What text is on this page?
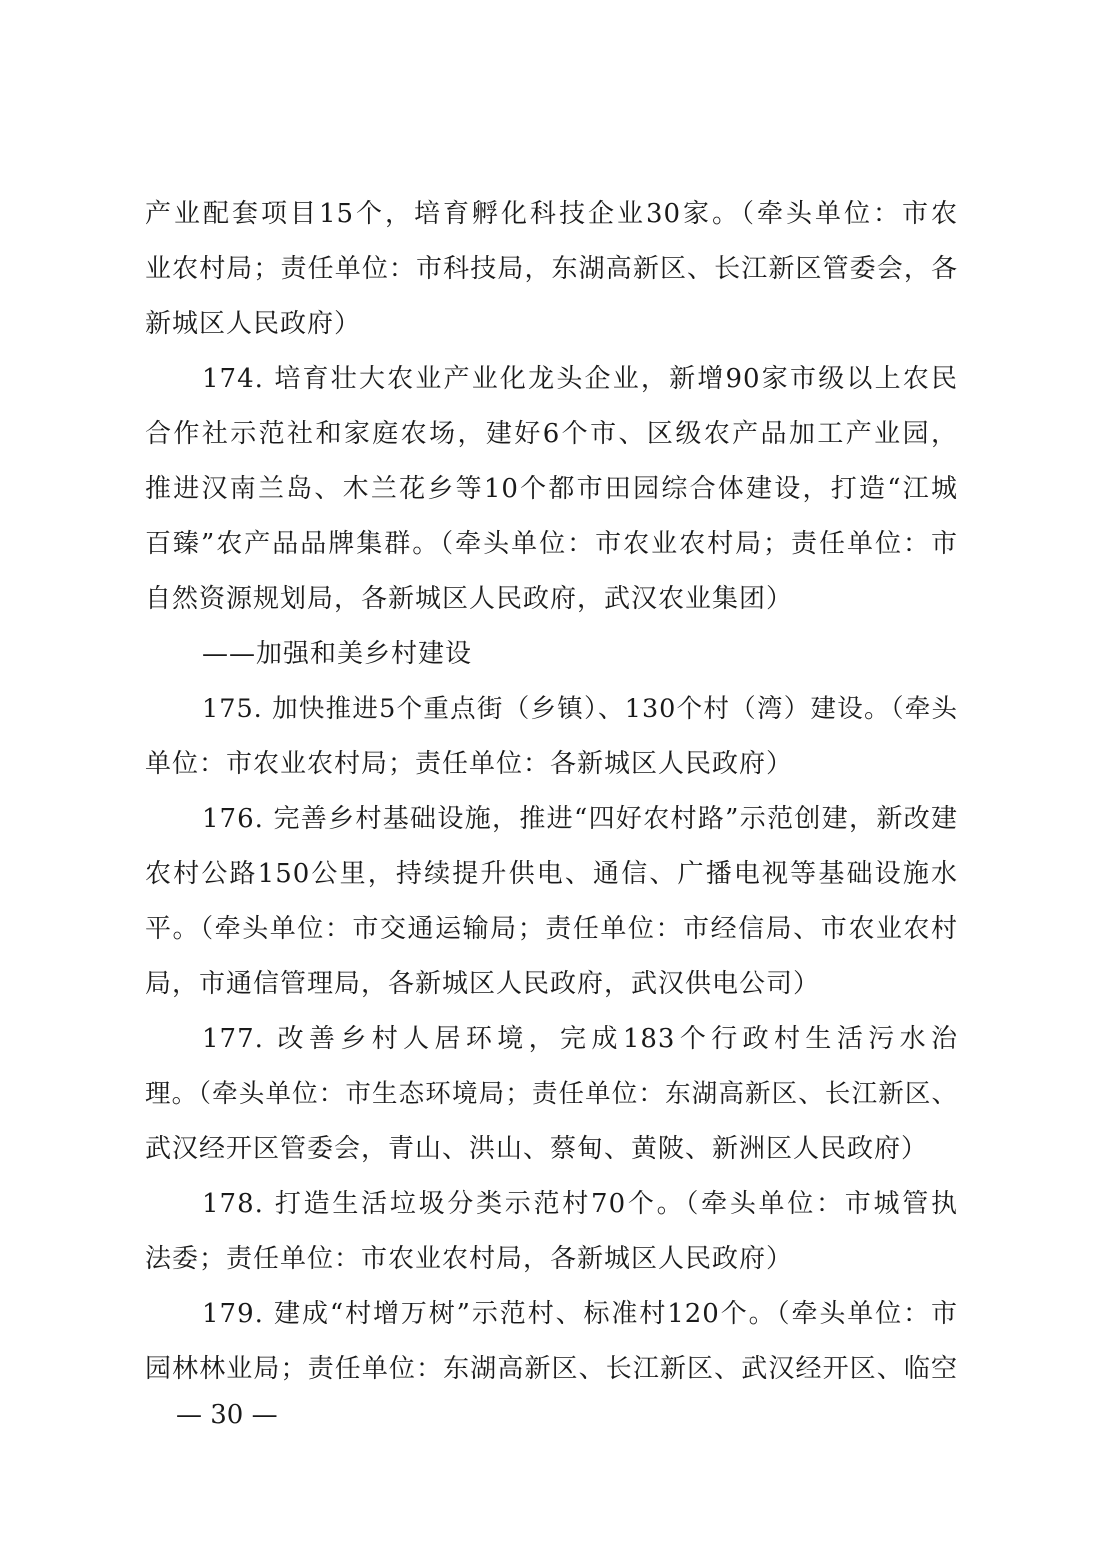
产业配套项目15个，培育孵化科技企业30家。（牵头单位：市农
业农村局；责任单位：市科技局，东湖高新区、长江新区管委会，各
新城区人民政府）
174. 培育壮大农业产业化龙头企业，新增90家市级以上农民
合作社示范社和家庭农场，建好6个市、区级农产品加工产业园，
推进汉南兰岛、木兰花乡等10个都市田园综合体建设，打造“江城
百臻”农产品品牌集群。（牵头单位：市农业农村局；责任单位：市
自然资源规划局，各新城区人民政府，武汉农业集团）
——加强和美乡村建设
175. 加快推进5个重点街（乡镇）、130个村（湾）建设。（牵头
单位：市农业农村局；责任单位：各新城区人民政府）
176. 完善乡村基础设施，推进“四好农村路”示范创建，新改建
农村公路150公里，持续提升供电、通信、广播电视等基础设施水
平。（牵头单位：市交通运输局；责任单位：市经信局、市农业农村
局，市通信管理局，各新城区人民政府，武汉供电公司）
177. 改善乡村人居环境，完成183个行政村生活污水治
理。（牵头单位：市生态环境局；责任单位：东湖高新区、长江新区、
武汉经开区管委会，青山、洪山、蔡甸、黄陂、新洲区人民政府）
178. 打造生活垃圾分类示范村70个。（牵头单位：市城管执
法委；责任单位：市农业农村局，各新城区人民政府）
179. 建成“村增万树”示范村、标准村120个。（牵头单位：市
园林林业局；责任单位：东湖高新区、长江新区、武汉经开区、临空
— 30 —
